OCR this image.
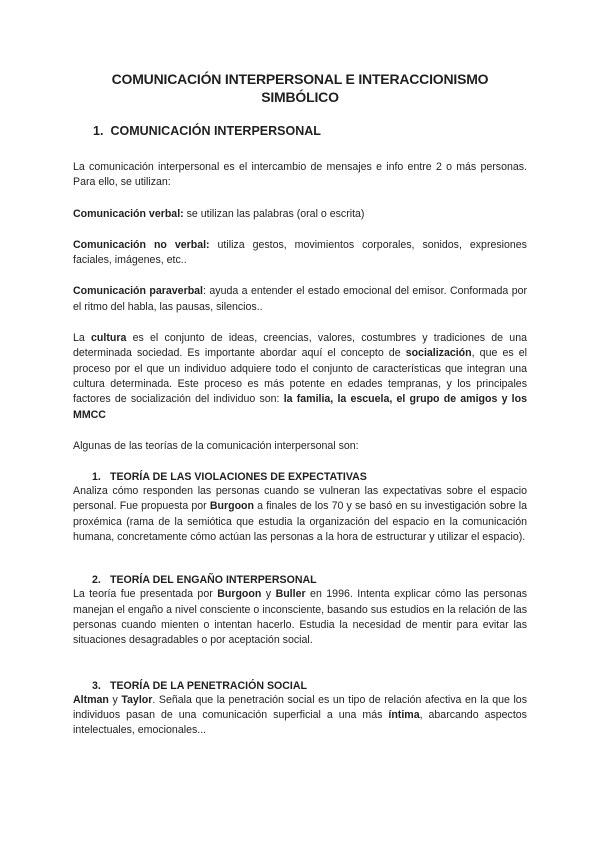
COMUNICACIÓN INTERPERSONAL E INTERACCIONISMO
SIMBÓLICO
1. COMUNICACIÓN INTERPERSONAL

La comunicación interpersonal es el intercambio de mensajes e info entre 2 o más personas. Para ello, se utilizan:

Comunicación verbal: se utilizan las palabras (oral o escrita)

Comunicación no verbal: utiliza gestos, movimientos corporales, sonidos, expresiones faciales, imágenes, etc..

Comunicación paraverbal: ayuda a entender el estado emocional del emisor. Conformada por el ritmo del habla, las pausas, silencios..

La cultura es el conjunto de ideas, creencias, valores, costumbres y tradiciones de una determinada sociedad. Es importante abordar aquí el concepto de socialización, que es el proceso por el que un individuo adquiere todo el conjunto de características que integran una cultura determinada. Este proceso es más potente en edades tempranas, y los principales factores de socialización del individuo son: la familia, la escuela, el grupo de amigos y los MMCC

Algunas de las teorías de la comunicación interpersonal son:

1. TEORÍA DE LAS VIOLACIONES DE EXPECTATIVAS

Analiza cómo responden las personas cuando se vulneran las expectativas sobre el espacio personal. Fue propuesta por Burgoon a finales de los 70 y se basó en su investigación sobre la proxémica (rama de la semiótica que estudia la organización del espacio en la comunicación humana, concretamente cómo actúan las personas a la hora de estructurar y utilizar el espacio).

2. TEORÍA DEL ENGAÑO INTERPERSONAL

La teoría fue presentada por Burgoon y Buller en 1996. Intenta explicar cómo las personas manejan el engaño a nivel consciente o inconsciente, basando sus estudios en la relación de las personas cuando mienten o intentan hacerlo. Estudia la necesidad de mentir para evitar las situaciones desagradables o por aceptación social.

3. TEORÍA DE LA PENETRACIÓN SOCIAL

Altman y Taylor. Señala que la penetración social es un tipo de relación afectiva en la que los individuos pasan de una comunicación superficial a una más íntima, abarcando aspectos intelectuales, emocionales...
